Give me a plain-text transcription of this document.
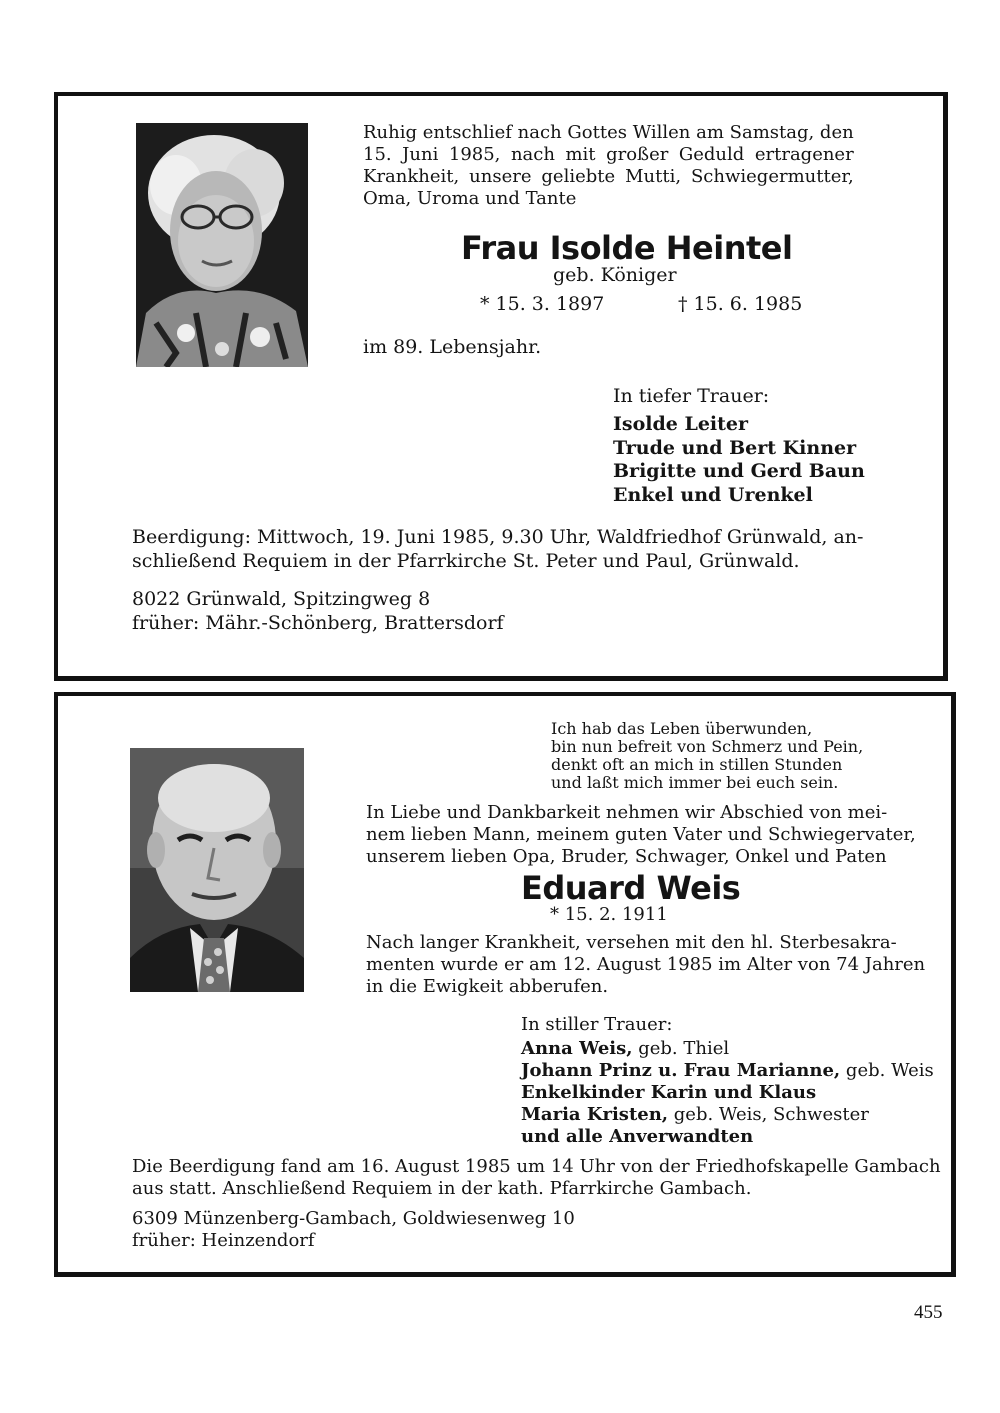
Ruhig entschlief nach Gottes Willen am Samstag, den
15. Juni 1985, nach mit großer Geduld ertragener
Krankheit, unsere geliebte Mutti, Schwiegermutter,
Oma, Uroma und Tante
Frau Isolde Heintel
geb. Königer
* 15. 3. 1897	† 15. 6. 1985
im 89. Lebensjahr.
In tiefer Trauer:
Isolde Leiter
Trude und Bert Kinner
Brigitte und Gerd Baun
Enkel und Urenkel
Beerdigung: Mittwoch, 19. Juni 1985, 9.30 Uhr, Waldfriedhof Grünwald, an-
schließend Requiem in der Pfarrkirche St. Peter und Paul, Grünwald.
8022 Grünwald, Spitzingweg 8
früher: Mähr.-Schönberg, Brattersdorf
Ich hab das Leben überwunden,
bin nun befreit von Schmerz und Pein,
denkt oft an mich in stillen Stunden
und laßt mich immer bei euch sein.
In Liebe und Dankbarkeit nehmen wir Abschied von mei-
nem lieben Mann, meinem guten Vater und Schwiegervater,
unserem lieben Opa, Bruder, Schwager, Onkel und Paten
Eduard Weis
* 15. 2. 1911
Nach langer Krankheit, versehen mit den hl. Sterbesakra-
menten wurde er am 12. August 1985 im Alter von 74 Jahren
in die Ewigkeit abberufen.
In stiller Trauer:
Anna Weis, geb. Thiel
Johann Prinz u. Frau Marianne, geb. Weis
Enkelkinder Karin und Klaus
Maria Kristen, geb. Weis, Schwester
und alle Anverwandten
Die Beerdigung fand am 16. August 1985 um 14 Uhr von der Friedhofskapelle Gambach
aus statt. Anschließend Requiem in der kath. Pfarrkirche Gambach.
6309 Münzenberg-Gambach, Goldwiesenweg 10
früher: Heinzendorf
455
